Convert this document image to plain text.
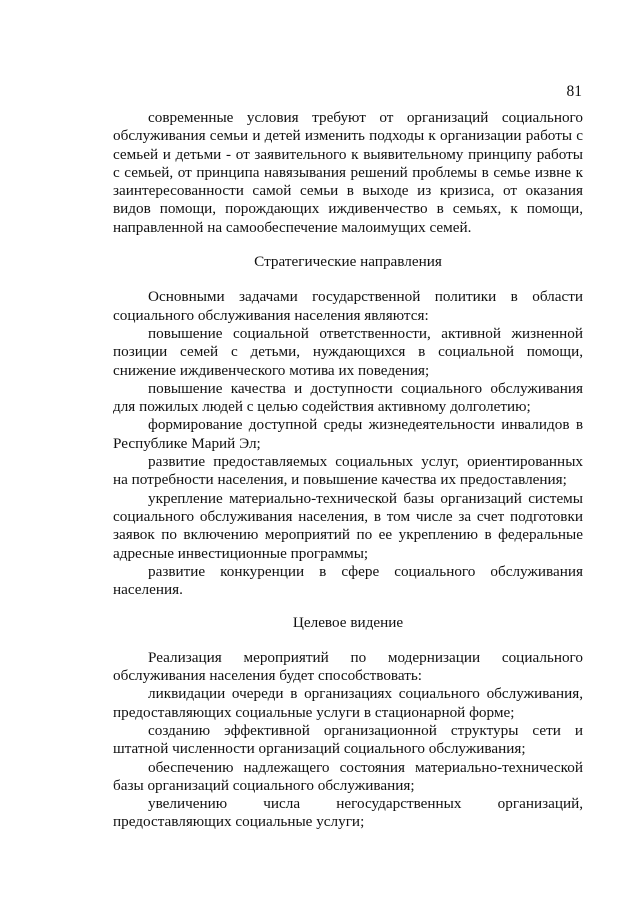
81

современные условия требуют от организаций социального обслуживания семьи и детей изменить подходы к организации работы с семьей и детьми - от заявительного к выявительному принципу работы с семьей, от принципа навязывания решений проблемы в семье извне к заинтересованности самой семьи в выходе из кризиса, от оказания видов помощи, порождающих иждивенчество в семьях, к помощи, направленной на самообеспечение малоимущих семей.

Стратегические направления

Основными задачами государственной политики в области социального обслуживания населения являются:

повышение социальной ответственности, активной жизненной позиции семей с детьми, нуждающихся в социальной помощи, снижение иждивенческого мотива их поведения;

повышение качества и доступности социального обслуживания для пожилых людей с целью содействия активному долголетию;

формирование доступной среды жизнедеятельности инвалидов в Республике Марий Эл;

развитие предоставляемых социальных услуг, ориентированных на потребности населения, и повышение качества их предоставления;

укрепление материально-технической базы организаций системы социального обслуживания населения, в том числе за счет подготовки заявок по включению мероприятий по ее укреплению в федеральные адресные инвестиционные программы;

развитие конкуренции в сфере социального обслуживания населения.

Целевое видение

Реализация мероприятий по модернизации социального обслуживания населения будет способствовать:

ликвидации очереди в организациях социального обслуживания, предоставляющих социальные услуги в стационарной форме;

созданию эффективной организационной структуры сети и штатной численности организаций социального обслуживания;

обеспечению надлежащего состояния материально-технической базы организаций социального обслуживания;

увеличению числа негосударственных организаций, предоставляющих социальные услуги;
